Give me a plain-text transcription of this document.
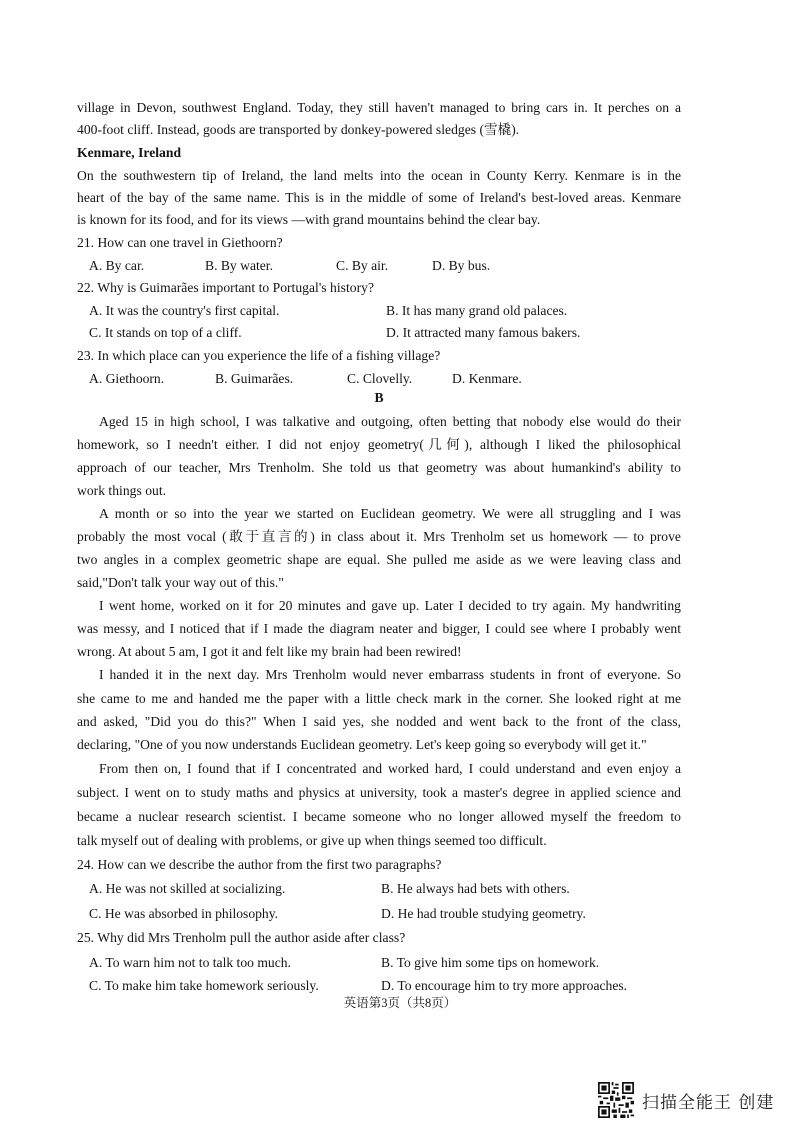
village in Devon, southwest England. Today, they still haven't managed to bring cars in. It perches on a
400-foot cliff. Instead, goods are transported by donkey-powered sledges (雪橇).
Kenmare, Ireland
On the southwestern tip of Ireland, the land melts into the ocean in County Kerry. Kenmare is in the
heart of the bay of the same name. This is in the middle of some of Ireland's best-loved areas. Kenmare
is known for its food, and for its views —with grand mountains behind the clear bay.
21. How can one travel in Giethoorn?
A. By car.	B. By water.	C. By air.	D. By bus.
22. Why is Guimarães important to Portugal's history?
A. It was the country's first capital.	B. It has many grand old palaces.
C. It stands on top of a cliff.	D. It attracted many famous bakers.
23. In which place can you experience the life of a fishing village?
A. Giethoorn.	B. Guimarães.	C. Clovelly.	D. Kenmare.
B
Aged 15 in high school, I was talkative and outgoing, often betting that nobody else would do their
homework, so I needn't either. I did not enjoy geometry(几何), although I liked the philosophical
approach of our teacher, Mrs Trenholm. She told us that geometry was about humankind's ability to
work things out.
A month or so into the year we started on Euclidean geometry. We were all struggling and I was
probably the most vocal (敢于直言的) in class about it. Mrs Trenholm set us homework — to prove
two angles in a complex geometric shape are equal. She pulled me aside as we were leaving class and
said,"Don't talk your way out of this."
I went home, worked on it for 20 minutes and gave up. Later I decided to try again. My handwriting
was messy, and I noticed that if I made the diagram neater and bigger, I could see where I probably went
wrong. At about 5 am, I got it and felt like my brain had been rewired!
I handed it in the next day. Mrs Trenholm would never embarrass students in front of everyone. So
she came to me and handed me the paper with a little check mark in the corner. She looked right at me
and asked, "Did you do this?" When I said yes, she nodded and went back to the front of the class,
declaring, "One of you now understands Euclidean geometry. Let's keep going so everybody will get it."
From then on, I found that if I concentrated and worked hard, I could understand and even enjoy a
subject. I went on to study maths and physics at university, took a master's degree in applied science and
became a nuclear research scientist. I became someone who no longer allowed myself the freedom to
talk myself out of dealing with problems, or give up when things seemed too difficult.
24. How can we describe the author from the first two paragraphs?
A. He was not skilled at socializing.	B. He always had bets with others.
C. He was absorbed in philosophy.	D. He had trouble studying geometry.
25. Why did Mrs Trenholm pull the author aside after class?
A. To warn him not to talk too much.	B. To give him some tips on homework.
C. To make him take homework seriously.	D. To encourage him to try more approaches.
英语第3页（共8页）
扫描全能王 创建
